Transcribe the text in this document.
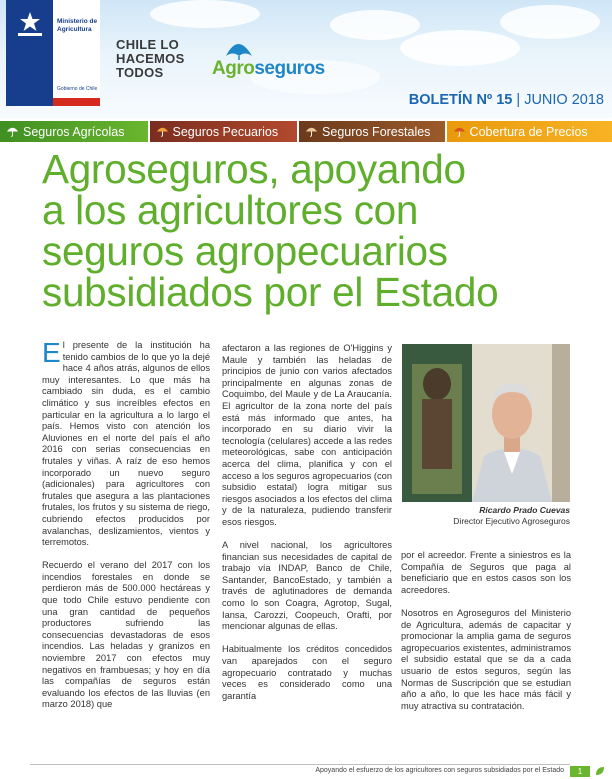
Ministerio de
Agricultura
Gobierno de Chile
CHILE LO
HACEMOS
TODOS	Agroseguros
BOLETÍN Nº 15 | JUNIO 2018
Seguros Agrícolas	Seguros Pecuarios	Seguros Forestales	Cobertura de Precios
Agroseguros, apoyando
a los agricultores con
seguros agropecuarios
subsidiados por el Estado

El presente de la institución ha tenido cambios de lo que yo la dejé hace 4 años atrás, algunos de ellos muy interesantes. Lo que más ha cambiado sin duda, es el cambio climático y sus increíbles efectos en particular en la agricultura a lo largo el país. Hemos visto con atención los Aluviones en el norte del país el año 2016 con serias consecuencias en frutales y viñas. A raíz de eso hemos incorporado un nuevo seguro (adicionales) para agricultores con frutales que asegura a las plantaciones frutales, los frutos y su sistema de riego, cubriendo efectos producidos por avalanchas, deslizamientos, vientos y terremotos.

Recuerdo el verano del 2017 con los incendios forestales en donde se perdieron más de 500.000 hectáreas y que todo Chile estuvo pendiente con una gran cantidad de pequeños productores sufriendo las consecuencias devastadoras de esos incendios. Las heladas y granizos en noviembre 2017 con efectos muy negativos en frambuesas; y hoy en día las compañías de seguros están evaluando los efectos de las lluvias (en marzo 2018) que

afectaron a las regiones de O'Higgins y Maule y también las heladas de principios de junio con varios afectados principalmente en algunas zonas de Coquimbo, del Maule y de La Araucanía. El agricultor de la zona norte del país está más informado que antes, ha incorporado en su diario vivir la tecnología (celulares) accede a las redes meteorológicas, sabe con anticipación acerca del clima, planifica y con el acceso a los seguros agropecuarios (con subsidio estatal) logra mitigar sus riesgos asociados a los efectos del clima y de la naturaleza, pudiendo transferir esos riesgos.

A nivel nacional, los agricultores financian sus necesidades de capital de trabajo vía INDAP, Banco de Chile, Santander, BancoEstado, y también a través de aglutinadores de demanda como lo son Coagra, Agrotop, Sugal, Iansa, Carozzi, Coopeuch, Orafti, por mencionar algunas de ellas.

Habitualmente los créditos concedidos van aparejados con el seguro agropecuario contratado y muchas veces es considerado como una garantía

Ricardo Prado Cuevas
Director Ejecutivo Agroseguros

por el acreedor. Frente a siniestros es la Compañía de Seguros que paga al beneficiario que en estos casos son los acreedores.

Nosotros en Agroseguros del Ministerio de Agricultura, además de capacitar y promocionar la amplia gama de seguros agropecuarios existentes, administramos el subsidio estatal que se da a cada usuario de estos seguros, según las Normas de Suscripción que se estudian año a año, lo que les hace más fácil y muy atractiva su contratación.

Apoyando el esfuerzo de los agricultores con seguros subsidiados por el Estado	1
